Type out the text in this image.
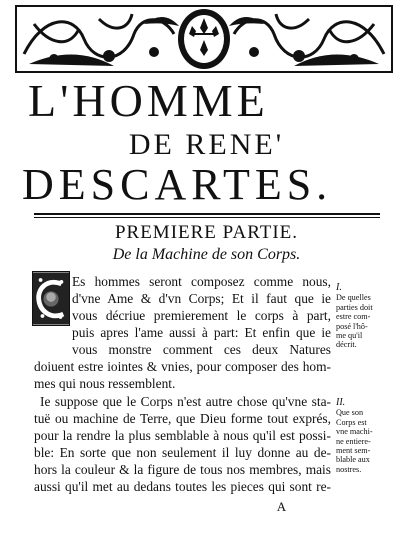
L'HOMME
DE RENE'
DESCARTES.
PREMIERE PARTIE.
De la Machine de son Corps.
Es hommes seront composez comme nous,
d'vne Ame & d'vn Corps; Et il faut que ie
vous décriue premierement le corps à part,
puis apres l'ame aussi à part: Et enfin que ie
vous monstre comment ces deux Natures
doiuent estre iointes & vnies, pour composer des hom-
mes qui nous ressemblent.
Ie suppose que le Corps n'est autre chose qu'vne sta-
tuë ou machine de Terre, que Dieu forme tout exprés,
pour la rendre la plus semblable à nous qu'il est possi-
ble: En sorte que non seulement il luy donne au de-
hors la couleur & la figure de tous nos membres, mais
aussi qu'il met au dedans toutes les pieces qui sont re-
I.
De quelles
parties doit
estre com-
posé l'hô-
me qu'il
décrit.
II.
Que son
Corps est
vne machi-
ne entiere-
ment sem-
blable aux
nostres.
A
